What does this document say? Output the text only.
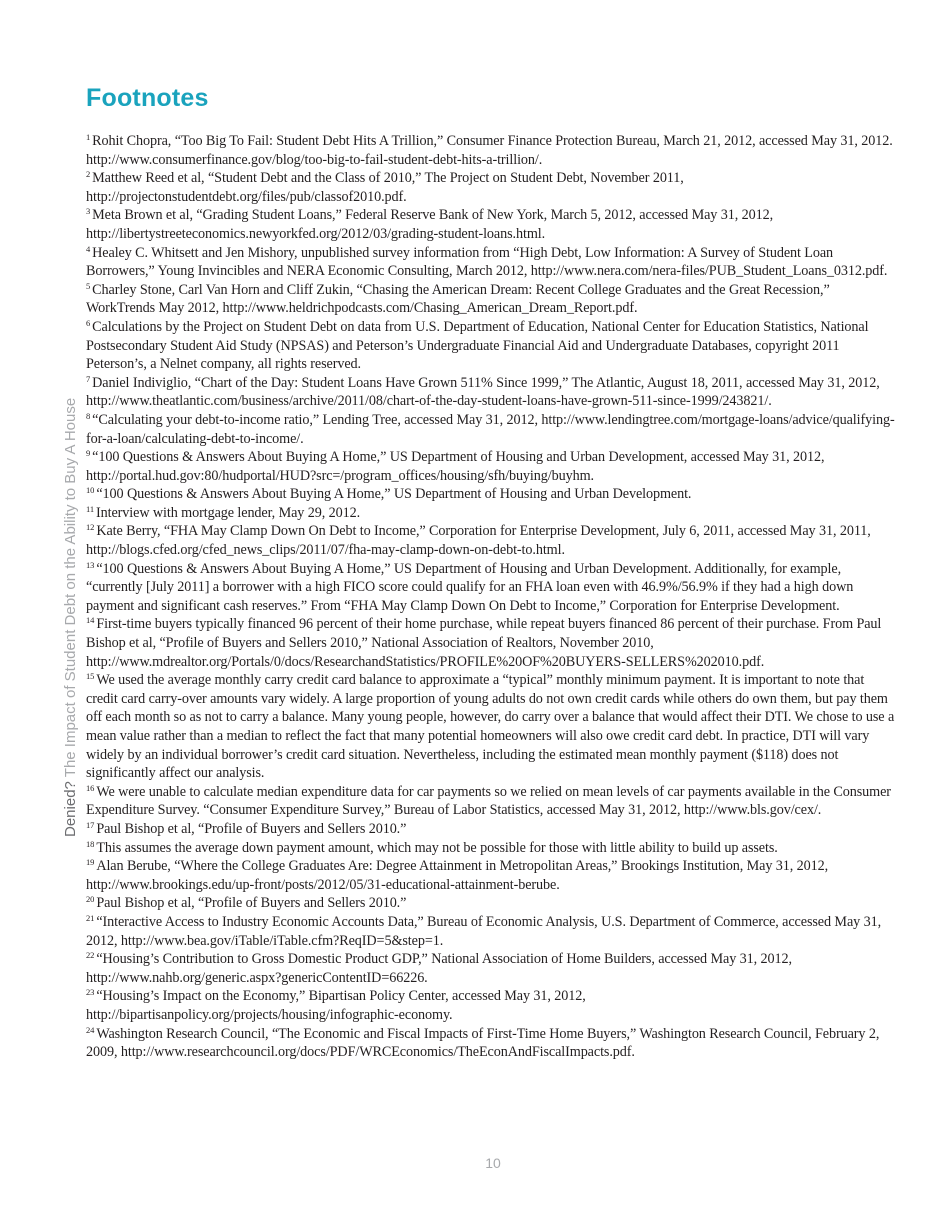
Footnotes
Denied? The Impact of Student Debt on the Ability to Buy A House

$^1$ Rohit Chopra, “Too Big To Fail: Student Debt Hits A Trillion,” Consumer Finance Protection Bureau, March 21, 2012, accessed May 31, 2012. http://www.consumerfinance.gov/blog/too-big-to-fail-student-debt-hits-a-trillion/.

$^2$ Matthew Reed et al, “Student Debt and the Class of 2010,” The Project on Student Debt, November 2011, http://projectonstudentdebt.org/files/pub/classof2010.pdf.

$^3$ Meta Brown et al, “Grading Student Loans,” Federal Reserve Bank of New York, March 5, 2012, accessed May 31, 2012, http://libertystreeteconomics.newyorkfed.org/2012/03/grading-student-loans.html.

$^4$ Healey C. Whitsett and Jen Mishory, unpublished survey information from “High Debt, Low Information: A Survey of Student Loan Borrowers,” Young Invincibles and NERA Economic Consulting, March 2012, http://www.nera.com/nera-files/PUB_Student_Loans_0312.pdf.

$^5$ Charley Stone, Carl Van Horn and Cliff Zukin, “Chasing the American Dream: Recent College Graduates and the Great Recession,” WorkTrends May 2012, http://www.heldrichpodcasts.com/Chasing_American_Dream_Report.pdf.

$^6$ Calculations by the Project on Student Debt on data from U.S. Department of Education, National Center for Education Statistics, National Postsecondary Student Aid Study (NPSAS) and Peterson’s Undergraduate Financial Aid and Undergraduate Databases, copyright 2011 Peterson’s, a Nelnet company, all rights reserved.

$^7$ Daniel Indiviglio, “Chart of the Day: Student Loans Have Grown 511% Since 1999,” The Atlantic, August 18, 2011, accessed May 31, 2012, http://www.theatlantic.com/business/archive/2011/08/chart-of-the-day-student-loans-have-grown-511-since-1999/243821/.

$^8$ “Calculating your debt-to-income ratio,” Lending Tree, accessed May 31, 2012, http://www.lendingtree.com/mortgage-loans/advice/qualifying-for-a-loan/calculating-debt-to-income/.

$^9$ “100 Questions & Answers About Buying A Home,” US Department of Housing and Urban Development, accessed May 31, 2012, http://portal.hud.gov:80/hudportal/HUD?src=/program_offices/housing/sfh/buying/buyhm.

$^{10}$ “100 Questions & Answers About Buying A Home,” US Department of Housing and Urban Development.

$^{11}$ Interview with mortgage lender, May 29, 2012.

$^{12}$ Kate Berry, “FHA May Clamp Down On Debt to Income,” Corporation for Enterprise Development, July 6, 2011, accessed May 31, 2011, http://blogs.cfed.org/cfed_news_clips/2011/07/fha-may-clamp-down-on-debt-to.html.

$^{13}$ “100 Questions & Answers About Buying A Home,” US Department of Housing and Urban Development. Additionally, for example, “currently [July 2011] a borrower with a high FICO score could qualify for an FHA loan even with 46.9%/56.9% if they had a high down payment and significant cash reserves.” From “FHA May Clamp Down On Debt to Income,” Corporation for Enterprise Development.

$^{14}$ First-time buyers typically financed 96 percent of their home purchase, while repeat buyers financed 86 percent of their purchase. From Paul Bishop et al, “Profile of Buyers and Sellers 2010,” National Association of Realtors, November 2010, http://www.mdrealtor.org/Portals/0/docs/ResearchandStatistics/PROFILE%20OF%20BUYERS-SELLERS%202010.pdf.

$^{15}$ We used the average monthly carry credit card balance to approximate a “typical” monthly minimum payment. It is important to note that credit card carry-over amounts vary widely. A large proportion of young adults do not own credit cards while others do own them, but pay them off each month so as not to carry a balance. Many young people, however, do carry over a balance that would affect their DTI. We chose to use a mean value rather than a median to reflect the fact that many potential homeowners will also owe credit card debt. In practice, DTI will vary widely by an individual borrower’s credit card situation. Nevertheless, including the estimated mean monthly payment ($118) does not significantly affect our analysis.

$^{16}$ We were unable to calculate median expenditure data for car payments so we relied on mean levels of car payments available in the Consumer Expenditure Survey. “Consumer Expenditure Survey,” Bureau of Labor Statistics, accessed May 31, 2012, http://www.bls.gov/cex/.

$^{17}$ Paul Bishop et al, “Profile of Buyers and Sellers 2010.”

$^{18}$ This assumes the average down payment amount, which may not be possible for those with little ability to build up assets.

$^{19}$ Alan Berube, “Where the College Graduates Are: Degree Attainment in Metropolitan Areas,” Brookings Institution, May 31, 2012, http://www.brookings.edu/up-front/posts/2012/05/31-educational-attainment-berube.

$^{20}$ Paul Bishop et al, “Profile of Buyers and Sellers 2010.”

$^{21}$ “Interactive Access to Industry Economic Accounts Data,” Bureau of Economic Analysis, U.S. Department of Commerce, accessed May 31, 2012, http://www.bea.gov/iTable/iTable.cfm?ReqID=5&step=1.

$^{22}$ “Housing’s Contribution to Gross Domestic Product GDP,” National Association of Home Builders, accessed May 31, 2012, http://www.nahb.org/generic.aspx?genericContentID=66226.

$^{23}$ “Housing’s Impact on the Economy,” Bipartisan Policy Center, accessed May 31, 2012, http://bipartisanpolicy.org/projects/housing/infographic-economy.

$^{24}$ Washington Research Council, “The Economic and Fiscal Impacts of First-Time Home Buyers,” Washington Research Council, February 2, 2009, http://www.researchcouncil.org/docs/PDF/WRCEconomics/TheEconAndFiscalImpacts.pdf.

10
